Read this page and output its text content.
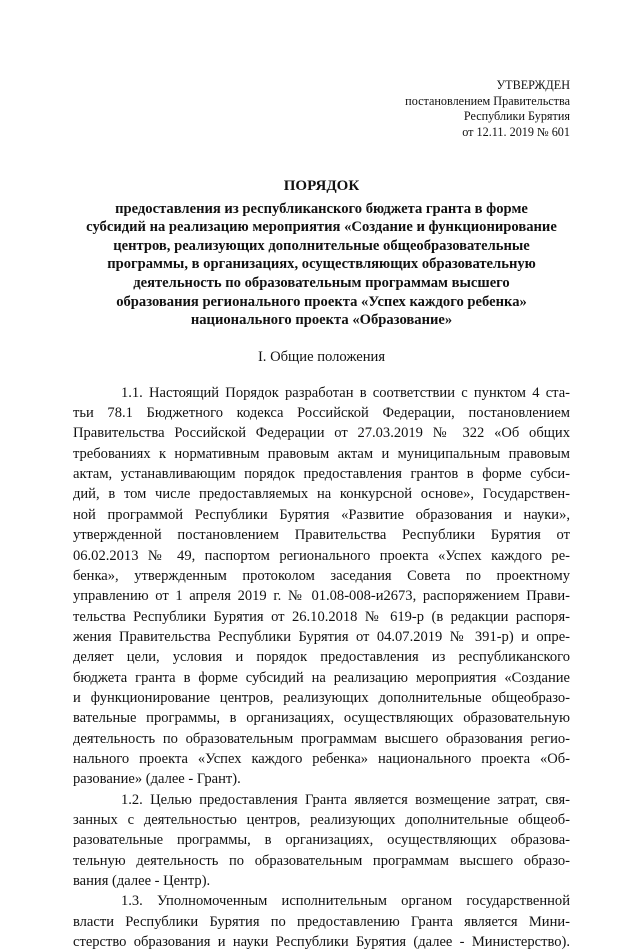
УТВЕРЖДЕН
постановлением Правительства
Республики Бурятия
от 12.11. 2019 № 601
ПОРЯДОК
предоставления из республиканского бюджета гранта в форме
субсидий на реализацию мероприятия «Создание и функционирование
центров, реализующих дополнительные общеобразовательные
программы, в организациях, осуществляющих образовательную
деятельность по образовательным программам высшего
образования регионального проекта «Успех каждого ребенка»
национального проекта «Образование»
I. Общие положения
1.1. Настоящий Порядок разработан в соответствии с пунктом 4 ста-
тьи 78.1 Бюджетного кодекса Российской Федерации, постановлением
Правительства Российской Федерации от 27.03.2019 № 322 «Об общих
требованиях к нормативным правовым актам и муниципальным правовым
актам, устанавливающим порядок предоставления грантов в форме субси-
дий, в том числе предоставляемых на конкурсной основе», Государствен-
ной программой Республики Бурятия «Развитие образования и науки»,
утвержденной постановлением Правительства Республики Бурятия от
06.02.2013 № 49, паспортом регионального проекта «Успех каждого ре-
бенка», утвержденным протоколом заседания Совета по проектному
управлению от 1 апреля 2019 г. № 01.08-008-и2673, распоряжением Прави-
тельства Республики Бурятия от 26.10.2018 № 619-р (в редакции распоря-
жения Правительства Республики Бурятия от 04.07.2019 № 391-р) и опре-
деляет цели, условия и порядок предоставления из республиканского
бюджета гранта в форме субсидий на реализацию мероприятия «Создание
и функционирование центров, реализующих дополнительные общеобразо-
вательные программы, в организациях, осуществляющих образовательную
деятельность по образовательным программам высшего образования регио-
нального проекта «Успех каждого ребенка» национального проекта «Об-
разование» (далее - Грант).
1.2. Целью предоставления Гранта является возмещение затрат, свя-
занных с деятельностью центров, реализующих дополнительные общеоб-
разовательные программы, в организациях, осуществляющих образова-
тельную деятельность по образовательным программам высшего образо-
вания (далее - Центр).
1.3. Уполномоченным исполнительным органом государственной
власти Республики Бурятия по предоставлению Гранта является Мини-
стерство образования и науки Республики Бурятия (далее - Министерство).
